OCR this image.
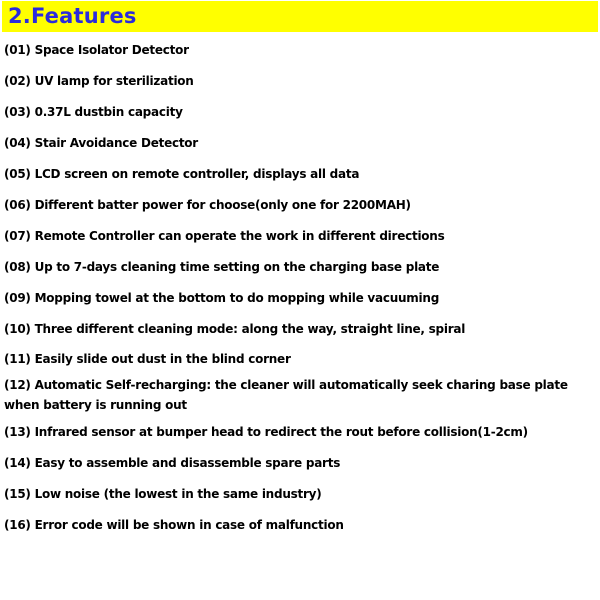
2.Features
(01) Space Isolator Detector
(02) UV lamp for sterilization
(03) 0.37L dustbin capacity
(04) Stair Avoidance Detector
(05) LCD screen on remote controller, displays all data
(06) Different batter power for choose(only one for 2200MAH)
(07) Remote Controller can operate the work in different directions
(08) Up to 7-days cleaning time setting on the charging base plate
(09) Mopping towel at the bottom to do mopping while vacuuming
(10) Three different cleaning mode: along the way, straight line, spiral
(11) Easily slide out dust in the blind corner
(12) Automatic Self-recharging: the cleaner will automatically seek charing base plate when battery is running out
(13) Infrared sensor at bumper head to redirect the rout before collision(1-2cm)
(14) Easy to assemble and disassemble spare parts
(15) Low noise (the lowest in the same industry)
(16) Error code will be shown in case of malfunction
